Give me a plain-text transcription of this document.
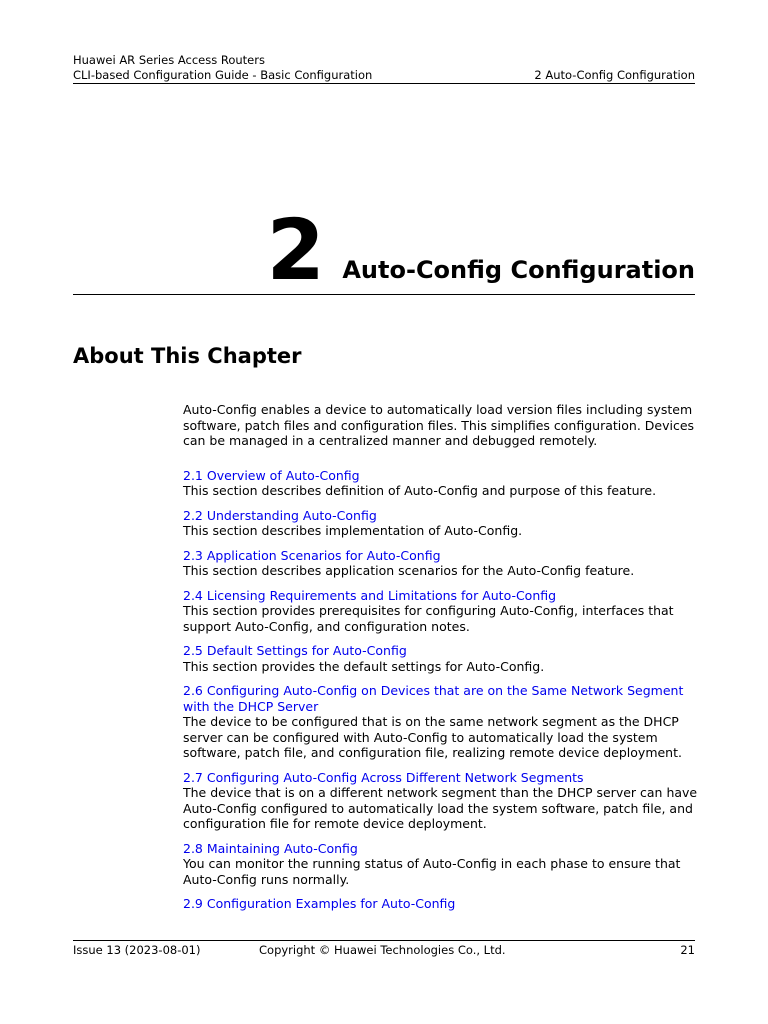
Huawei AR Series Access Routers
CLI-based Configuration Guide - Basic Configuration	2 Auto-Config Configuration
2 Auto-Config Configuration
About This Chapter

Auto-Config enables a device to automatically load version files including system software, patch files and configuration files. This simplifies configuration. Devices can be managed in a centralized manner and debugged remotely.

2.1 Overview of Auto-Config
This section describes definition of Auto-Config and purpose of this feature.
2.2 Understanding Auto-Config
This section describes implementation of Auto-Config.
2.3 Application Scenarios for Auto-Config
This section describes application scenarios for the Auto-Config feature.
2.4 Licensing Requirements and Limitations for Auto-Config
This section provides prerequisites for configuring Auto-Config, interfaces that support Auto-Config, and configuration notes.
2.5 Default Settings for Auto-Config
This section provides the default settings for Auto-Config.
2.6 Configuring Auto-Config on Devices that are on the Same Network Segment with the DHCP Server
The device to be configured that is on the same network segment as the DHCP server can be configured with Auto-Config to automatically load the system software, patch file, and configuration file, realizing remote device deployment.
2.7 Configuring Auto-Config Across Different Network Segments
The device that is on a different network segment than the DHCP server can have Auto-Config configured to automatically load the system software, patch file, and configuration file for remote device deployment.
2.8 Maintaining Auto-Config
You can monitor the running status of Auto-Config in each phase to ensure that Auto-Config runs normally.
2.9 Configuration Examples for Auto-Config
Issue 13 (2023-08-01)	Copyright © Huawei Technologies Co., Ltd.	21
